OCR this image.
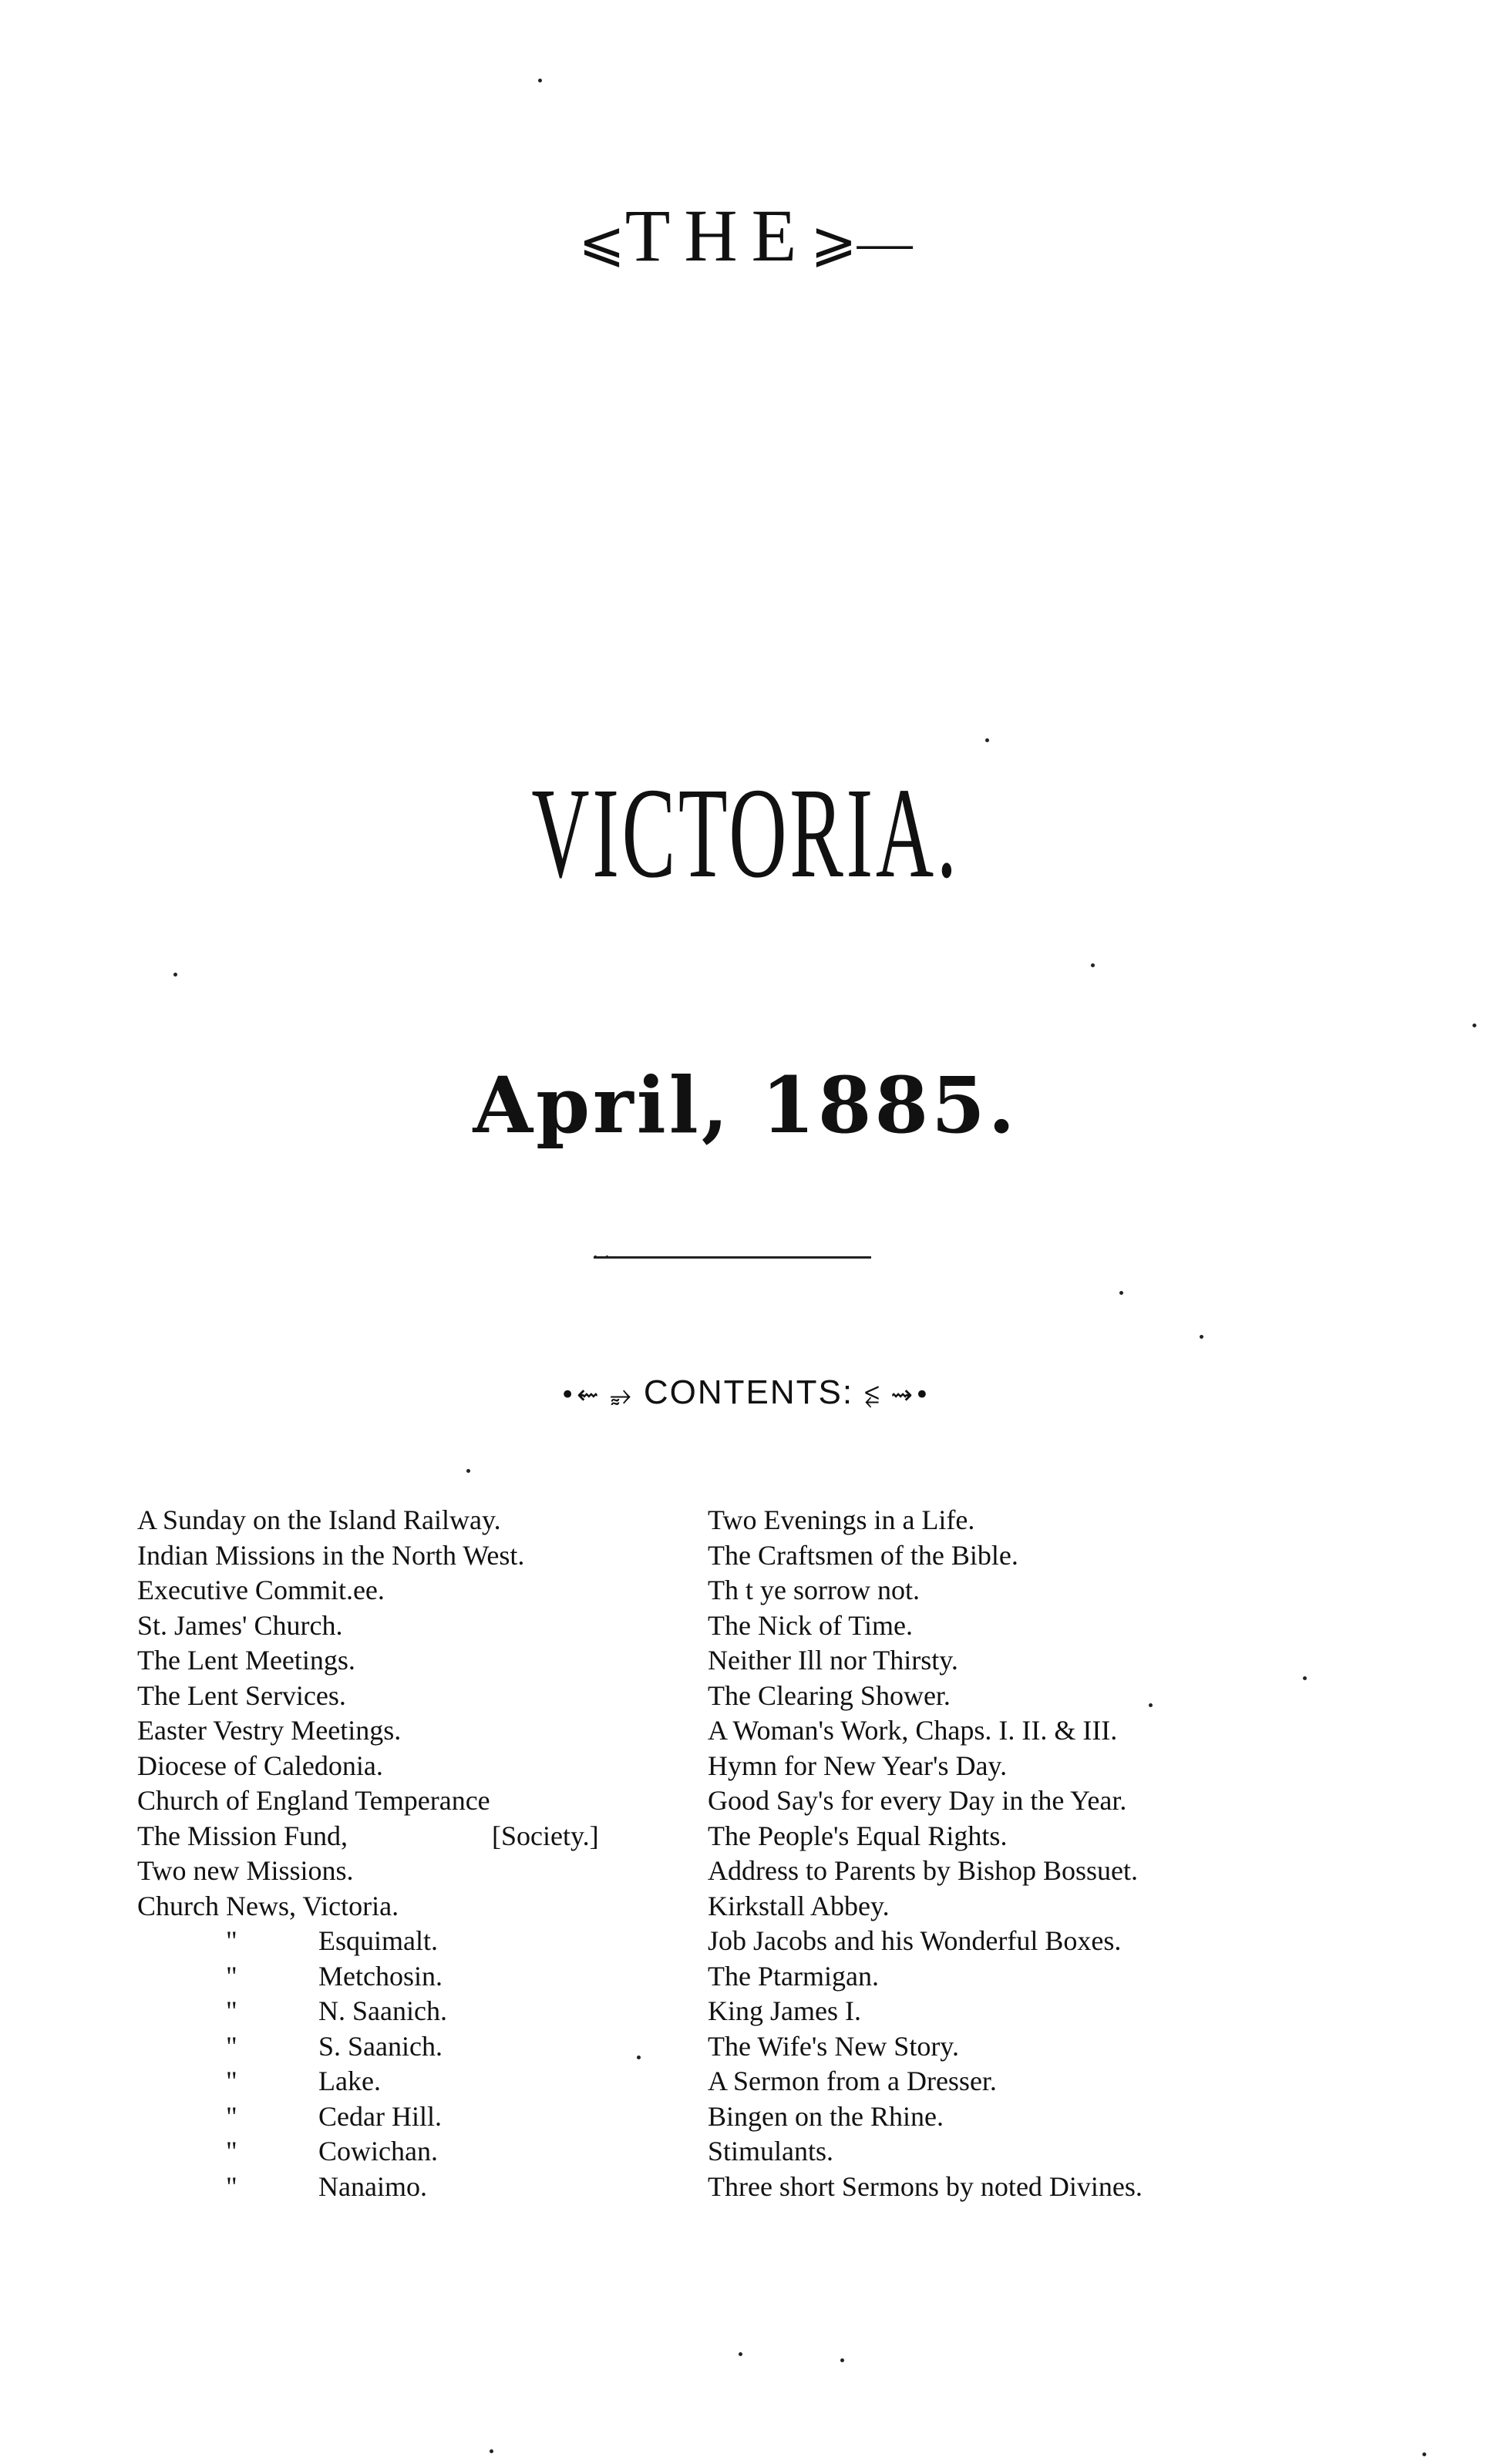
⩽THE⩾—
VICTORIA.
April, 1885.
· ·
•⇜ ⥵ CONTENTS: ⥶ ⇝•
A Sunday on the Island Railway.
Indian Missions in the North West.
Executive Commit.ee.
St. James' Church.
The Lent Meetings.
The Lent Services.
Easter Vestry Meetings.
Diocese of Caledonia.
Church of England Temperance
The Mission Fund,	[Society.]
Two new Missions.
Church News, Victoria.
"	Esquimalt.
"	Metchosin.
"	N. Saanich.
"	S. Saanich.
"	Lake.
"	Cedar Hill.
"	Cowichan.
"	Nanaimo.
Two Evenings in a Life.
The Craftsmen of the Bible.
Th t ye sorrow not.
The Nick of Time.
Neither Ill nor Thirsty.
The Clearing Shower.
A Woman's Work, Chaps. I. II. & III.
Hymn for New Year's Day.
Good Say's for every Day in the Year.
The People's Equal Rights.
Address to Parents by Bishop Bossuet.
Kirkstall Abbey.
Job Jacobs and his Wonderful Boxes.
The Ptarmigan.
King James I.
The Wife's New Story.
A Sermon from a Dresser.
Bingen on the Rhine.
Stimulants.
Three short Sermons by noted Divines.
